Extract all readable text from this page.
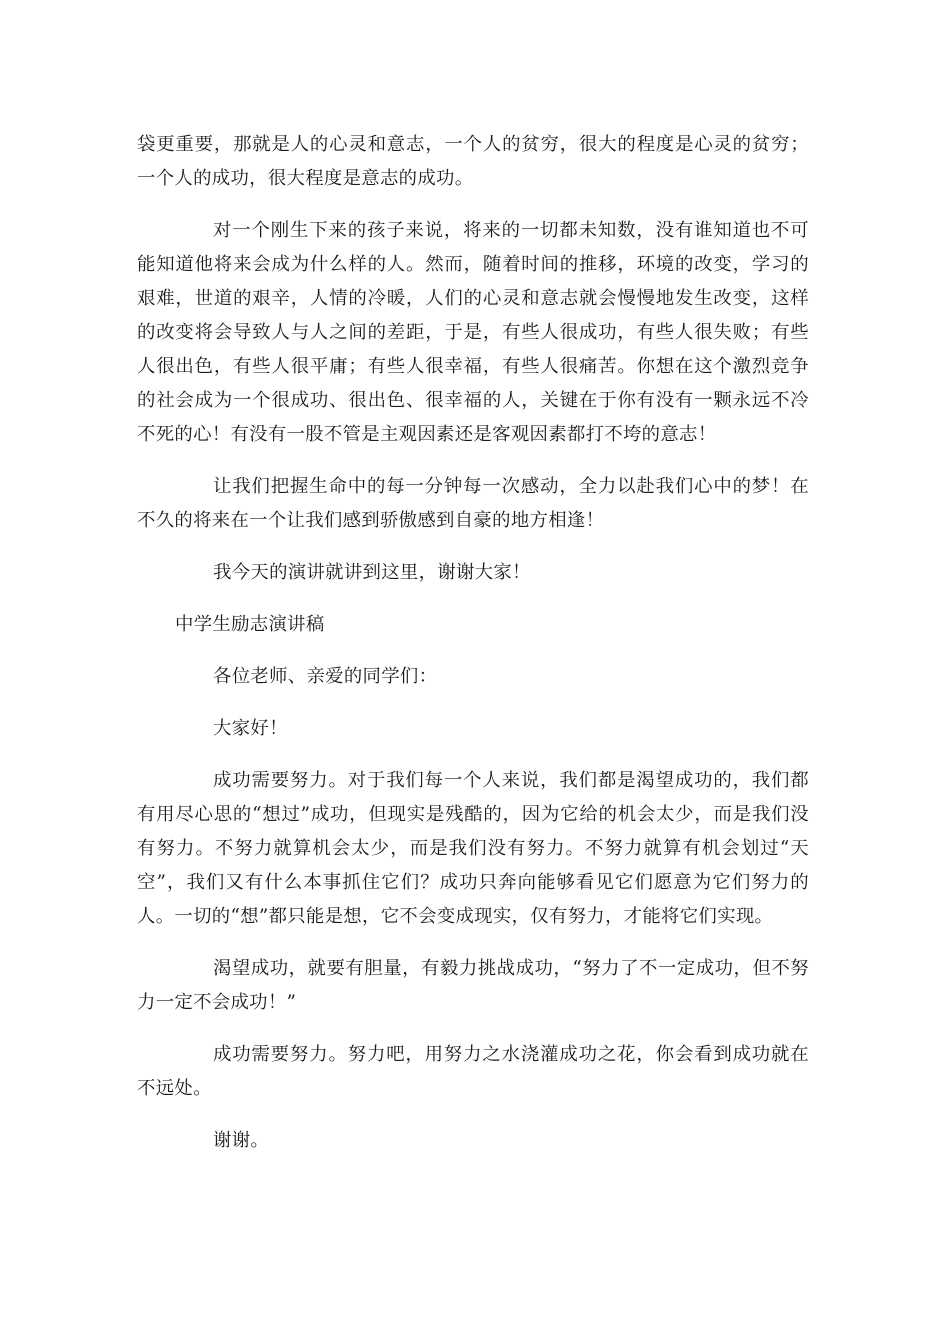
袋更重要，那就是人的心灵和意志，一个人的贫穷，很大的程度是心灵的贫穷；一个人的成功，很大程度是意志的成功。

对一个刚生下来的孩子来说，将来的一切都未知数，没有谁知道也不可能知道他将来会成为什么样的人。然而，随着时间的推移，环境的改变，学习的艰难，世道的艰辛，人情的冷暖，人们的心灵和意志就会慢慢地发生改变，这样的改变将会导致人与人之间的差距，于是，有些人很成功，有些人很失败；有些人很出色，有些人很平庸；有些人很幸福，有些人很痛苦。你想在这个激烈竞争的社会成为一个很成功、很出色、很幸福的人，关键在于你有没有一颗永远不冷不死的心！有没有一股不管是主观因素还是客观因素都打不垮的意志！

让我们把握生命中的每一分钟每一次感动，全力以赴我们心中的梦！在不久的将来在一个让我们感到骄傲感到自豪的地方相逢！

我今天的演讲就讲到这里，谢谢大家！

中学生励志演讲稿

各位老师、亲爱的同学们：

大家好！

成功需要努力。对于我们每一个人来说，我们都是渴望成功的，我们都有用尽心思的“想过”成功，但现实是残酷的，因为它给的机会太少，而是我们没有努力。不努力就算机会太少，而是我们没有努力。不努力就算有机会划过“天空”，我们又有什么本事抓住它们？成功只奔向能够看见它们愿意为它们努力的人。一切的“想”都只能是想，它不会变成现实，仅有努力，才能将它们实现。

渴望成功，就要有胆量，有毅力挑战成功，“努力了不一定成功，但不努力一定不会成功！”

成功需要努力。努力吧，用努力之水浇灌成功之花，你会看到成功就在不远处。

谢谢。
